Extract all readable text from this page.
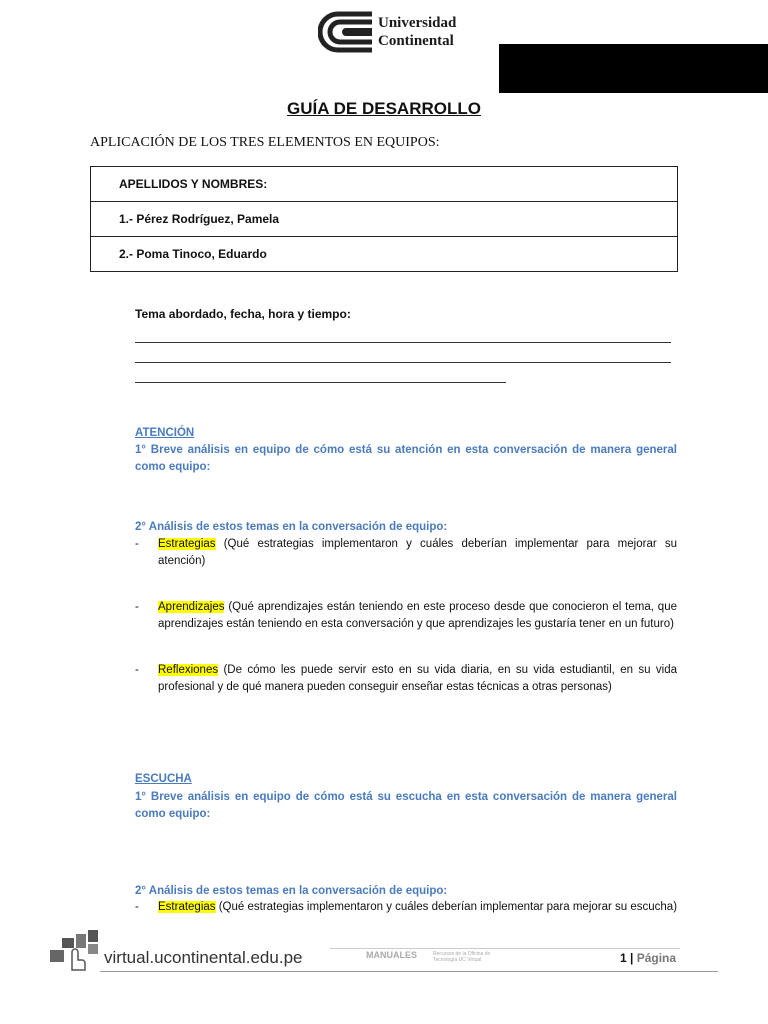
Universidad
Continental
GUÍA DE DESARROLLO
APLICACIÓN DE LOS TRES ELEMENTOS EN EQUIPOS:
APELLIDOS Y NOMBRES:
1.- Pérez Rodríguez, Pamela
2.- Poma Tinoco, Eduardo
Tema abordado, fecha, hora y tiempo:
ATENCIÓN
1° Breve análisis en equipo de cómo está su atención en esta conversación de manera general como equipo:
2° Análisis de estos temas en la conversación de equipo:
- Estrategias (Qué estrategias implementaron y cuáles deberían implementar para mejorar su atención)
- Aprendizajes (Qué aprendizajes están teniendo en este proceso desde que conocieron el tema, que aprendizajes están teniendo en esta conversación y que aprendizajes les gustaría tener en un futuro)
- Reflexiones (De cómo les puede servir esto en su vida diaria, en su vida estudiantil, en su vida profesional y de qué manera pueden conseguir enseñar estas técnicas a otras personas)
ESCUCHA
1° Breve análisis en equipo de cómo está su escucha en esta conversación de manera general como equipo:
2° Análisis de estos temas en la conversación de equipo:
- Estrategias (Qué estrategias implementaron y cuáles deberían implementar para mejorar su escucha)
virtual.ucontinental.edu.pe	MANUALES	Recursos de la Oficina de Tecnología UC Virtual	1 | Página
